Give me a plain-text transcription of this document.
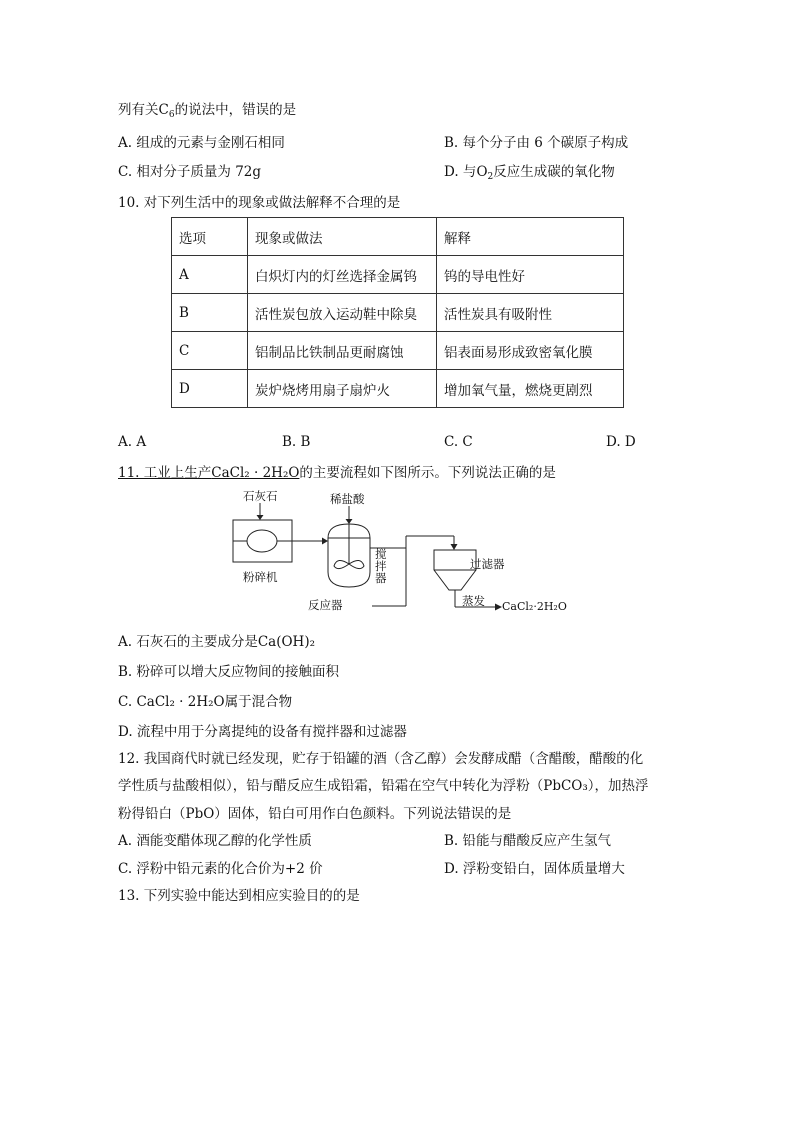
列有关$C_6$的说法中，错误的是
A. 组成的元素与金刚石相同	B. 每个分子由 6 个碳原子构成
C. 相对分子质量为 72g	D. 与$O_2$反应生成碳的氧化物
10. 对下列生活中的现象或做法解释不合理的是
选项	现象或做法	解释
A	白炽灯内的灯丝选择金属钨	钨的导电性好
B	活性炭包放入运动鞋中除臭	活性炭具有吸附性
C	铝制品比铁制品更耐腐蚀	铝表面易形成致密氧化膜
D	炭炉烧烤用扇子扇炉火	增加氧气量，燃烧更剧烈
A. A	B. B	C. C	D. D
11. 工业上生产CaCl₂ · 2H₂O的主要流程如下图所示。下列说法正确的是
石灰石
粉碎机
稀盐酸
搅拌器
反应器
过滤器
蒸发 CaCl₂·2H₂O
A. 石灰石的主要成分是Ca(OH)₂
B. 粉碎可以增大反应物间的接触面积
C. CaCl₂ · 2H₂O属于混合物
D. 流程中用于分离提纯的设备有搅拌器和过滤器
12. 我国商代时就已经发现，贮存于铅罐的酒（含乙醇）会发酵成醋（含醋酸，醋酸的化
学性质与盐酸相似），铅与醋反应生成铅霜，铅霜在空气中转化为浮粉（PbCO₃），加热浮
粉得铅白（PbO）固体，铅白可用作白色颜料。下列说法错误的是
A. 酒能变醋体现乙醇的化学性质	B. 铅能与醋酸反应产生氢气
C. 浮粉中铅元素的化合价为+2 价	D. 浮粉变铅白，固体质量增大
13. 下列实验中能达到相应实验目的的是
